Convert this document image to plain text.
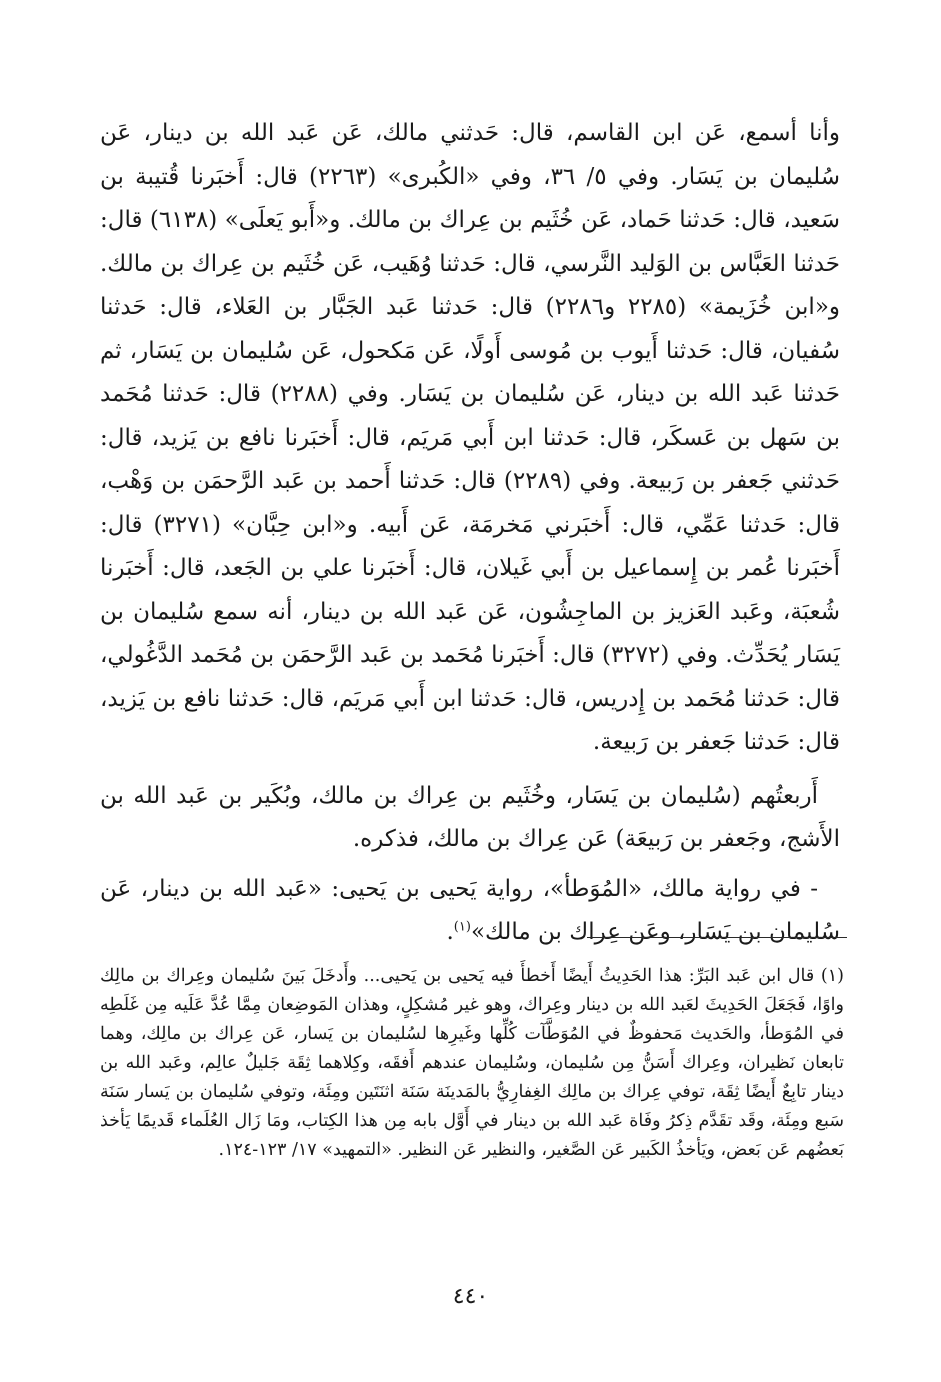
وأنا أسمع، عَن ابن القاسم، قال: حَدثني مالك، عَن عَبد الله بن دينار، عَن سُليمان بن يَسَار. وفي ٥/ ٣٦، وفي «الكُبرى» (٢٢٦٣) قال: أَخبَرنا قُتيبة بن سَعيد، قال: حَدثنا حَماد، عَن خُثَيم بن عِراك بن مالك. و«أَبو يَعلَى» (٦١٣٨) قال: حَدثنا العَبَّاس بن الوَليد النَّرسي، قال: حَدثنا وُهَيب، عَن خُثَيم بن عِراك بن مالك. و«ابن خُزَيمة» (٢٢٨٥ و٢٢٨٦) قال: حَدثنا عَبد الجَبَّار بن العَلاء، قال: حَدثنا سُفيان، قال: حَدثنا أَيوب بن مُوسى أَولًا، عَن مَكحول، عَن سُليمان بن يَسَار، ثم حَدثنا عَبد الله بن دينار، عَن سُليمان بن يَسَار. وفي (٢٢٨٨) قال: حَدثنا مُحَمد بن سَهل بن عَسكَر، قال: حَدثنا ابن أَبي مَريَم، قال: أَخبَرنا نافع بن يَزيد، قال: حَدثني جَعفر بن رَبيعة. وفي (٢٢٨٩) قال: حَدثنا أَحمد بن عَبد الرَّحمَن بن وَهْب، قال: حَدثنا عَمِّي، قال: أَخبَرني مَخرمَة، عَن أَبيه. و«ابن حِبَّان» (٣٢٧١) قال: أَخبَرنا عُمر بن إِسماعيل بن أَبي غَيلان، قال: أَخبَرنا علي بن الجَعد، قال: أَخبَرنا شُعبَة، وعَبد العَزيز بن الماجِشُون، عَن عَبد الله بن دينار، أنه سمع سُليمان بن يَسَار يُحَدِّث. وفي (٣٢٧٢) قال: أَخبَرنا مُحَمد بن عَبد الرَّحمَن بن مُحَمد الدَّغُولي، قال: حَدثنا مُحَمد بن إِدريس، قال: حَدثنا ابن أَبي مَريَم، قال: حَدثنا نافع بن يَزيد، قال: حَدثنا جَعفر بن رَبيعة.

أَربعتُهم (سُليمان بن يَسَار، وخُثَيم بن عِراك بن مالك، وبُكَير بن عَبد الله بن الأَشج، وجَعفر بن رَبيعَة) عَن عِراك بن مالك، فذكره.

- في رواية مالك، «المُوَطأ»، رواية يَحيى بن يَحيى: «عَبد الله بن دينار، عَن سُليمان بن يَسَار، وعَن عِراك بن مالك»$^{(١)}$.

(١) قال ابن عَبد البَرِّ: هذا الحَدِيثُ أَيضًا أَخطأَ فيه يَحيى بن يَحيى... وأَدخَلَ بَينَ سُليمان وعِراك بن مالِك واوًا، فَجَعَلَ الحَدِيثَ لعَبد الله بن دينار وعِراك، وهو غير مُشكِلٍ، وهذان المَوضِعان مِمَّا عُدَّ عَلَيه مِن غَلَطِه في المُوَطأ، والحَديث مَحفوظٌ في المُوَطَّآت كُلِّها وغَيرِها لسُليمان بن يَسار، عَن عِراك بن مالِك، وهما تابعان نَظيران، وعِراك أَسَنُّ مِن سُليمان، وسُليمان عندهم أَفقَه، وكِلاهما ثِقَة جَليلٌ عالِم، وعَبد الله بن دينار تابِعٌ أَيضًا ثِقَة، توفي عِراك بن مالِك الغِفارِيُّ بالمَدينَة سَنَة اثنَتَين ومِئَة، وتوفي سُليمان بن يَسار سَنَة سَبع ومِئَة، وقَد تقَدَّم ذِكرُ وفَاة عَبد الله بن دينار في أَوَّل بابه مِن هذا الكِتاب، ومَا زَال العُلَماء قَديمًا يَأخذ بَعضُهم عَن بَعض، ويَأخذُ الكَبير عَن الصَّغير، والنظير عَن النظير. «التمهيد» ١٧/ ١٢٣-١٢٤.

٤٤٠
